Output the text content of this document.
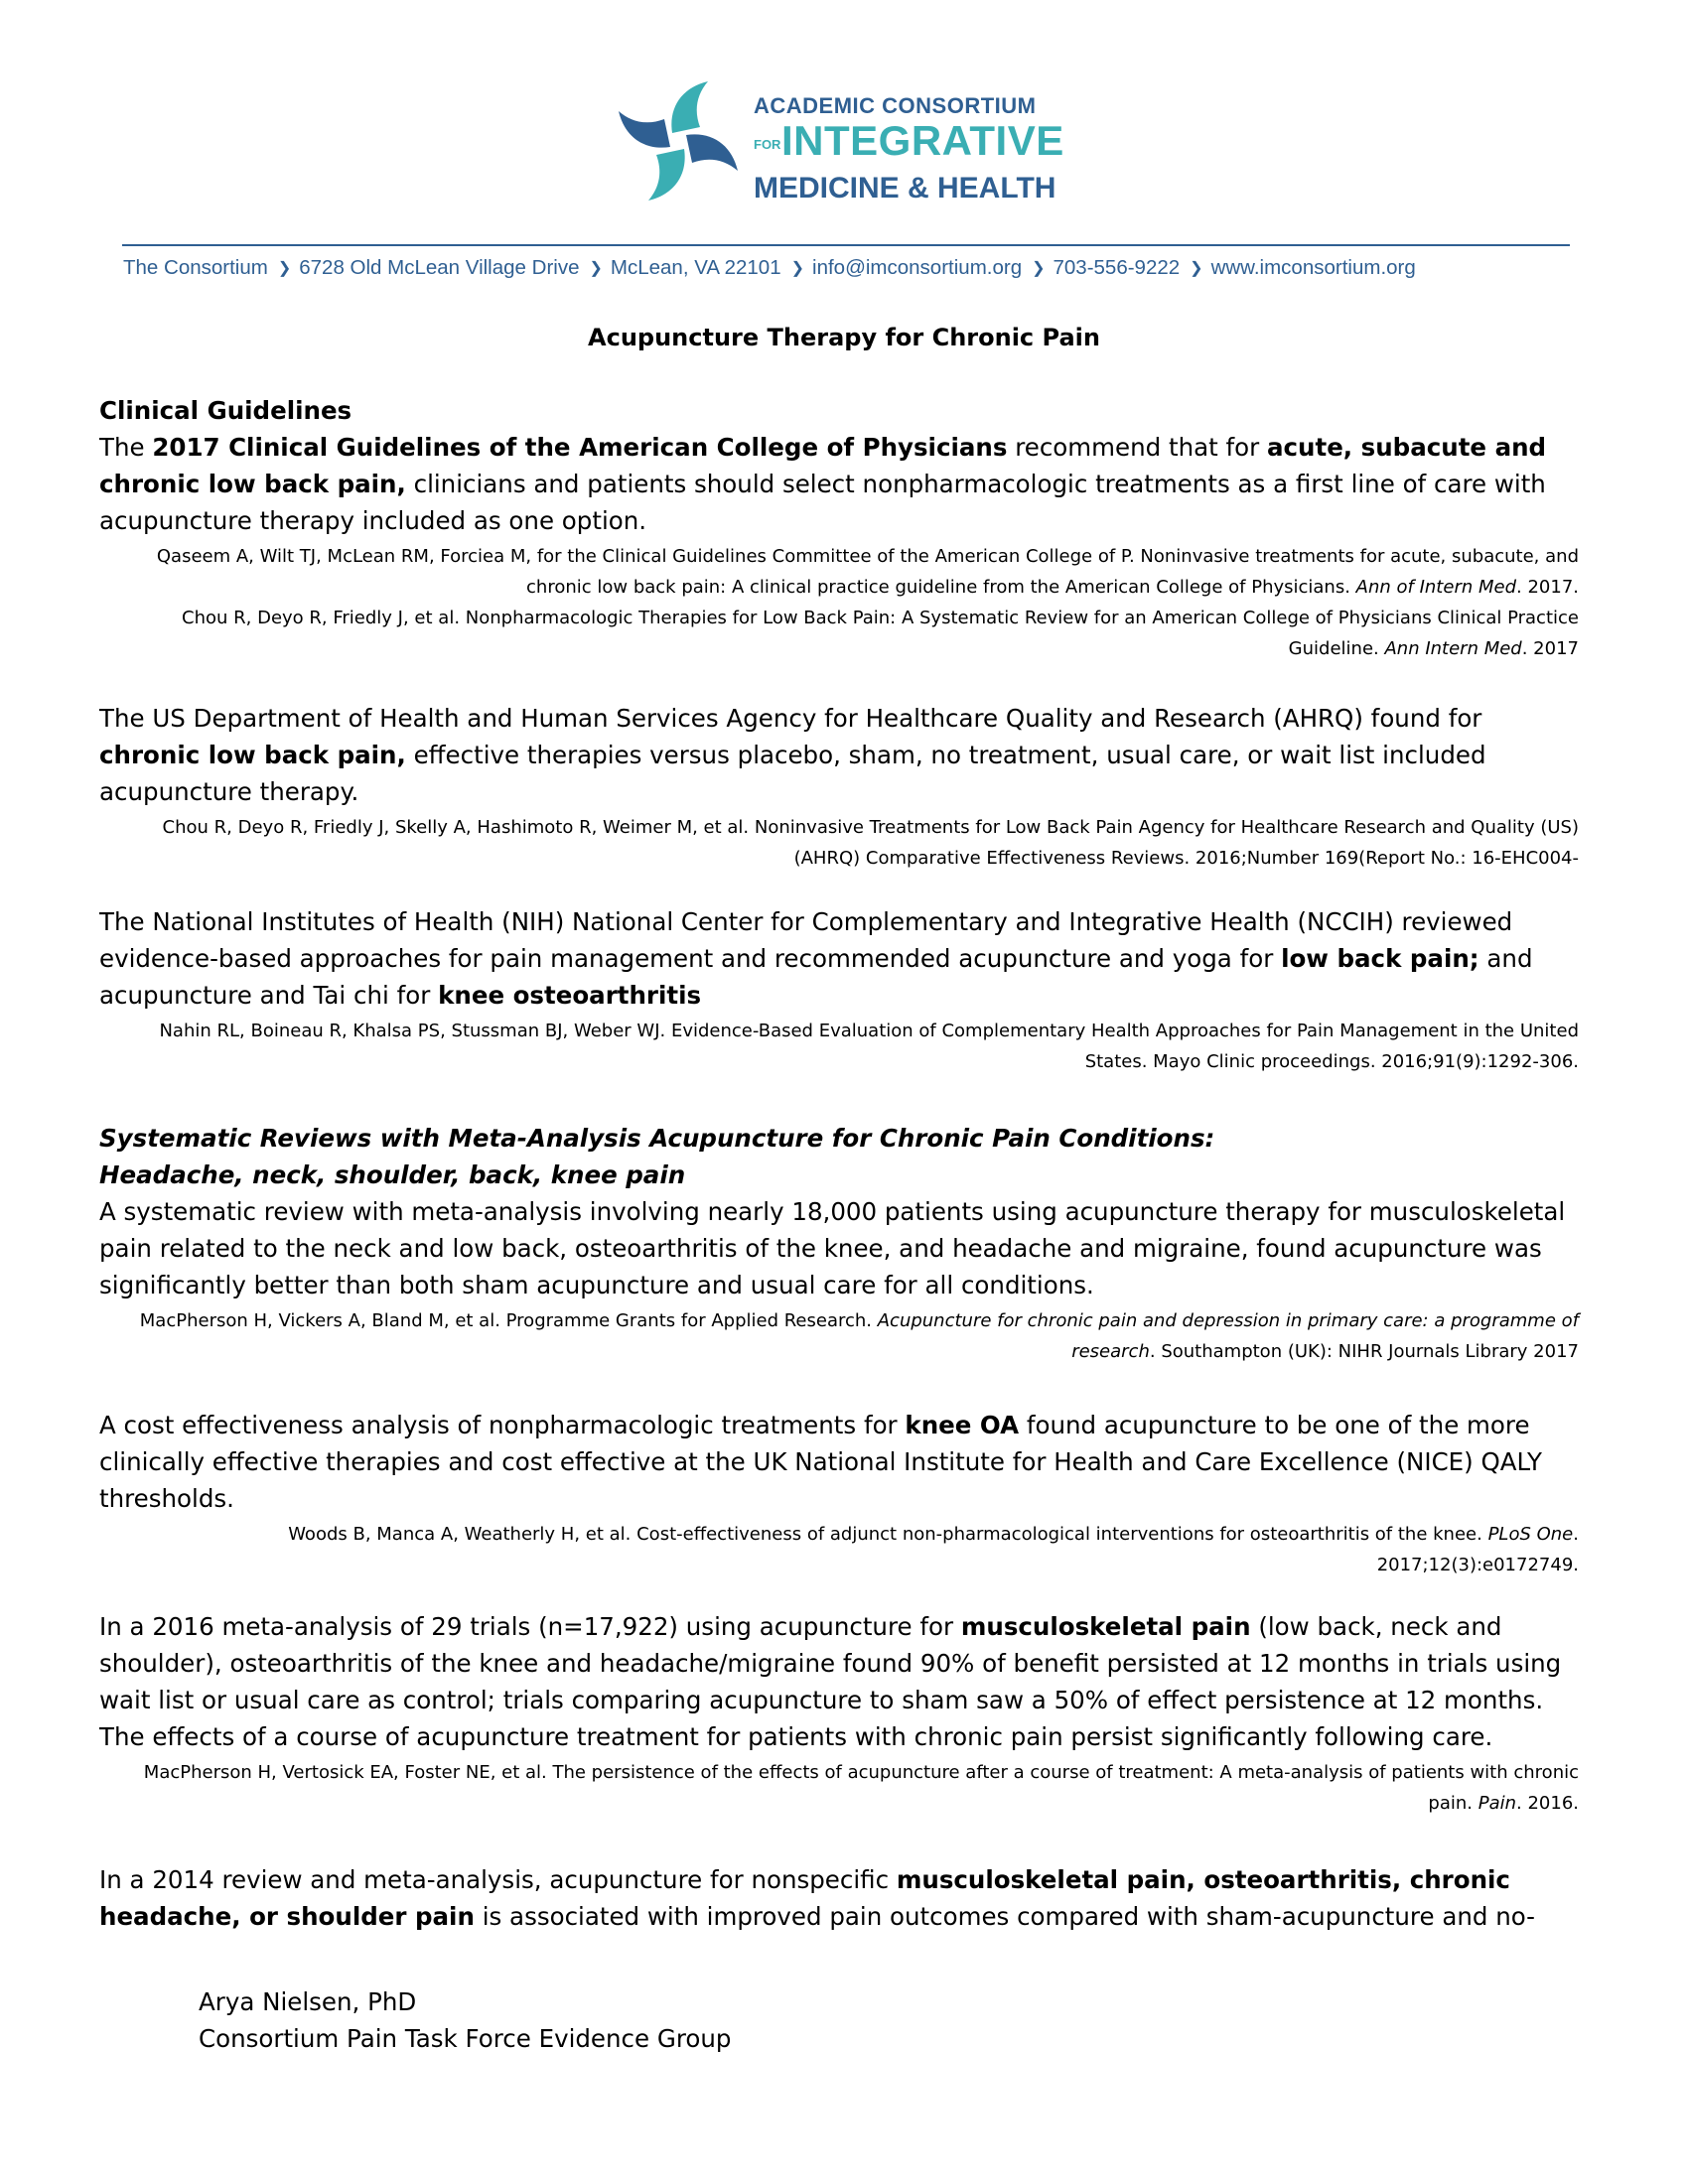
ACADEMIC CONSORTIUM
FORINTEGRATIVE
MEDICINE & HEALTH
The Consortium ❯ 6728 Old McLean Village Drive ❯ McLean, VA 22101 ❯ info@imconsortium.org ❯ 703-556-9222 ❯ www.imconsortium.org
Acupuncture Therapy for Chronic Pain

Clinical Guidelines

The 2017 Clinical Guidelines of the American College of Physicians recommend that for acute, subacute and chronic low back pain, clinicians and patients should select nonpharmacologic treatments as a first line of care with acupuncture therapy included as one option.

Qaseem A, Wilt TJ, McLean RM, Forciea M, for the Clinical Guidelines Committee of the American College of P. Noninvasive treatments for acute, subacute, and chronic low back pain: A clinical practice guideline from the American College of Physicians. Ann of Intern Med. 2017.

Chou R, Deyo R, Friedly J, et al. Nonpharmacologic Therapies for Low Back Pain: A Systematic Review for an American College of Physicians Clinical Practice Guideline. Ann Intern Med. 2017

The US Department of Health and Human Services Agency for Healthcare Quality and Research (AHRQ) found for chronic low back pain, effective therapies versus placebo, sham, no treatment, usual care, or wait list included acupuncture therapy.

Chou R, Deyo R, Friedly J, Skelly A, Hashimoto R, Weimer M, et al. Noninvasive Treatments for Low Back Pain Agency for Healthcare Research and Quality (US) (AHRQ) Comparative Effectiveness Reviews. 2016;Number 169(Report No.: 16-EHC004-

The National Institutes of Health (NIH) National Center for Complementary and Integrative Health (NCCIH) reviewed evidence-based approaches for pain management and recommended acupuncture and yoga for low back pain; and acupuncture and Tai chi for knee osteoarthritis

Nahin RL, Boineau R, Khalsa PS, Stussman BJ, Weber WJ. Evidence-Based Evaluation of Complementary Health Approaches for Pain Management in the United States. Mayo Clinic proceedings. 2016;91(9):1292-306.

Systematic Reviews with Meta-Analysis Acupuncture for Chronic Pain Conditions:

Headache, neck, shoulder, back, knee pain

A systematic review with meta-analysis involving nearly 18,000 patients using acupuncture therapy for musculoskeletal pain related to the neck and low back, osteoarthritis of the knee, and headache and migraine, found acupuncture was significantly better than both sham acupuncture and usual care for all conditions.

MacPherson H, Vickers A, Bland M, et al. Programme Grants for Applied Research. Acupuncture for chronic pain and depression in primary care: a programme of research. Southampton (UK): NIHR Journals Library 2017

A cost effectiveness analysis of nonpharmacologic treatments for knee OA found acupuncture to be one of the more clinically effective therapies and cost effective at the UK National Institute for Health and Care Excellence (NICE) QALY thresholds.

Woods B, Manca A, Weatherly H, et al. Cost-effectiveness of adjunct non-pharmacological interventions for osteoarthritis of the knee. PLoS One. 2017;12(3):e0172749.

In a 2016 meta-analysis of 29 trials (n=17,922) using acupuncture for musculoskeletal pain (low back, neck and shoulder), osteoarthritis of the knee and headache/migraine found 90% of benefit persisted at 12 months in trials using wait list or usual care as control; trials comparing acupuncture to sham saw a 50% of effect persistence at 12 months. The effects of a course of acupuncture treatment for patients with chronic pain persist significantly following care.

MacPherson H, Vertosick EA, Foster NE, et al. The persistence of the effects of acupuncture after a course of treatment: A meta-analysis of patients with chronic pain. Pain. 2016.

In a 2014 review and meta-analysis, acupuncture for nonspecific musculoskeletal pain, osteoarthritis, chronic headache, or shoulder pain is associated with improved pain outcomes compared with sham-acupuncture and no-

Arya Nielsen, PhD
Consortium Pain Task Force Evidence Group
